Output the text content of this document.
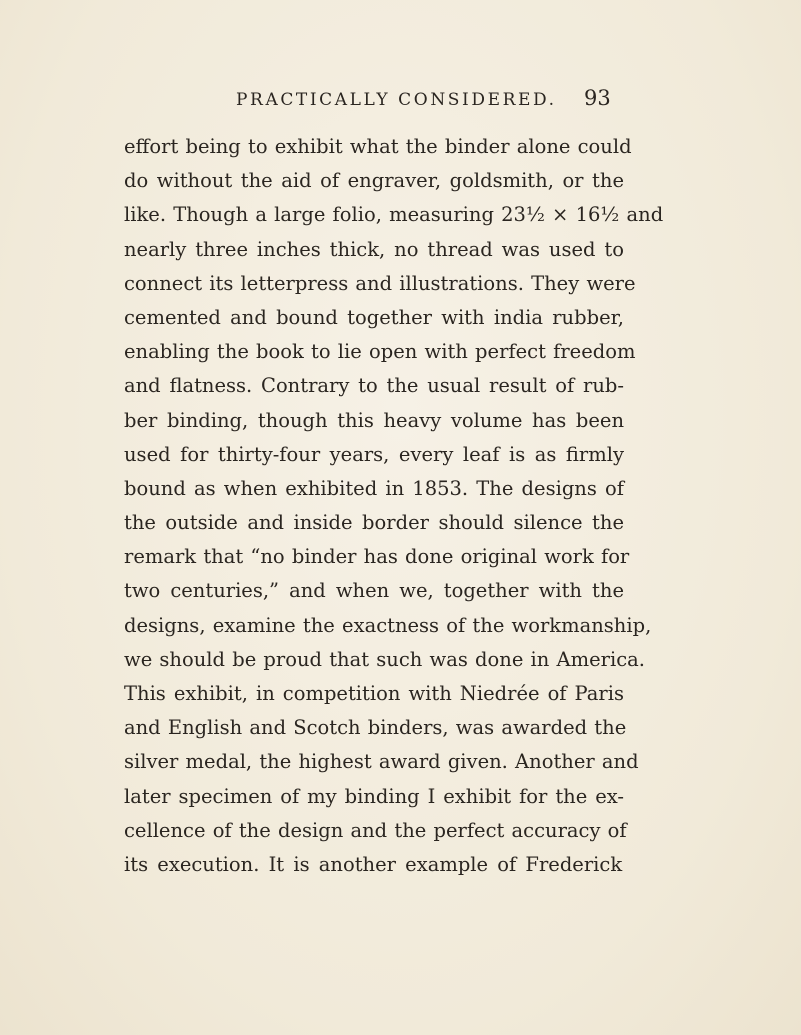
PRACTICALLY CONSIDERED. 93
effort being to exhibit what the binder alone could
do without the aid of engraver, goldsmith, or the
like. Though a large folio, measuring 23½ × 16½ and
nearly three inches thick, no thread was used to
connect its letterpress and illustrations. They were
cemented and bound together with india rubber,
enabling the book to lie open with perfect freedom
and flatness. Contrary to the usual result of rub-
ber binding, though this heavy volume has been
used for thirty-four years, every leaf is as firmly
bound as when exhibited in 1853. The designs of
the outside and inside border should silence the
remark that “no binder has done original work for
two centuries,” and when we, together with the
designs, examine the exactness of the workmanship,
we should be proud that such was done in America.
This exhibit, in competition with Niedrée of Paris
and English and Scotch binders, was awarded the
silver medal, the highest award given. Another and
later specimen of my binding I exhibit for the ex-
cellence of the design and the perfect accuracy of
its execution. It is another example of Frederick
